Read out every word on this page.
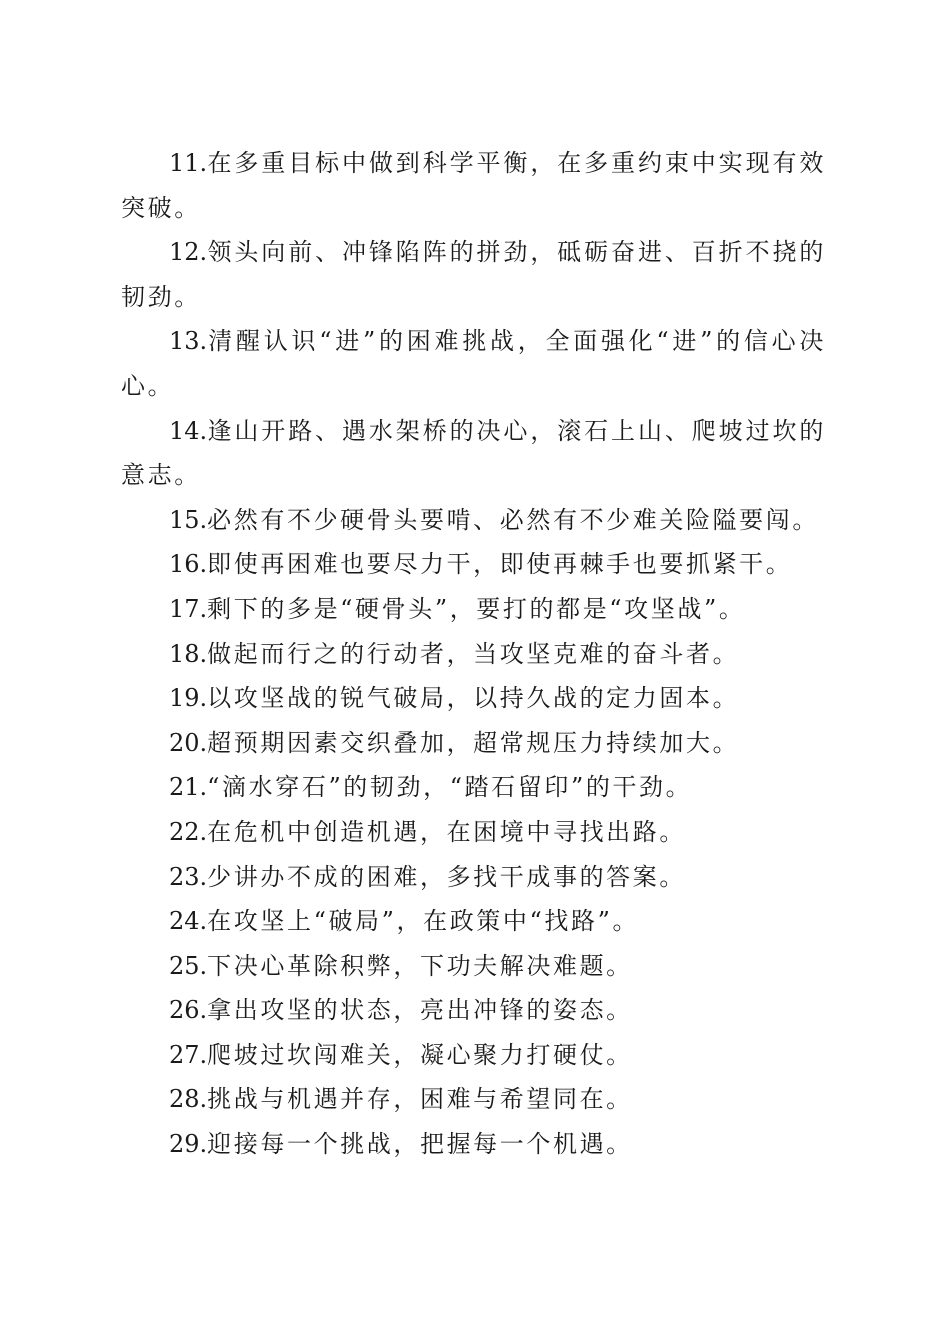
11.在多重目标中做到科学平衡，在多重约束中实现有效突破。

12.领头向前、冲锋陷阵的拼劲，砥砺奋进、百折不挠的韧劲。

13.清醒认识“进”的困难挑战，全面强化“进”的信心决心。

14.逢山开路、遇水架桥的决心，滚石上山、爬坡过坎的意志。

15.必然有不少硬骨头要啃、必然有不少难关险隘要闯。

16.即使再困难也要尽力干，即使再棘手也要抓紧干。

17.剩下的多是“硬骨头”，要打的都是“攻坚战”。

18.做起而行之的行动者，当攻坚克难的奋斗者。

19.以攻坚战的锐气破局，以持久战的定力固本。

20.超预期因素交织叠加，超常规压力持续加大。

21.“滴水穿石”的韧劲，“踏石留印”的干劲。

22.在危机中创造机遇，在困境中寻找出路。

23.少讲办不成的困难，多找干成事的答案。

24.在攻坚上“破局”，在政策中“找路”。

25.下决心革除积弊，下功夫解决难题。

26.拿出攻坚的状态，亮出冲锋的姿态。

27.爬坡过坎闯难关，凝心聚力打硬仗。

28.挑战与机遇并存，困难与希望同在。

29.迎接每一个挑战，把握每一个机遇。
